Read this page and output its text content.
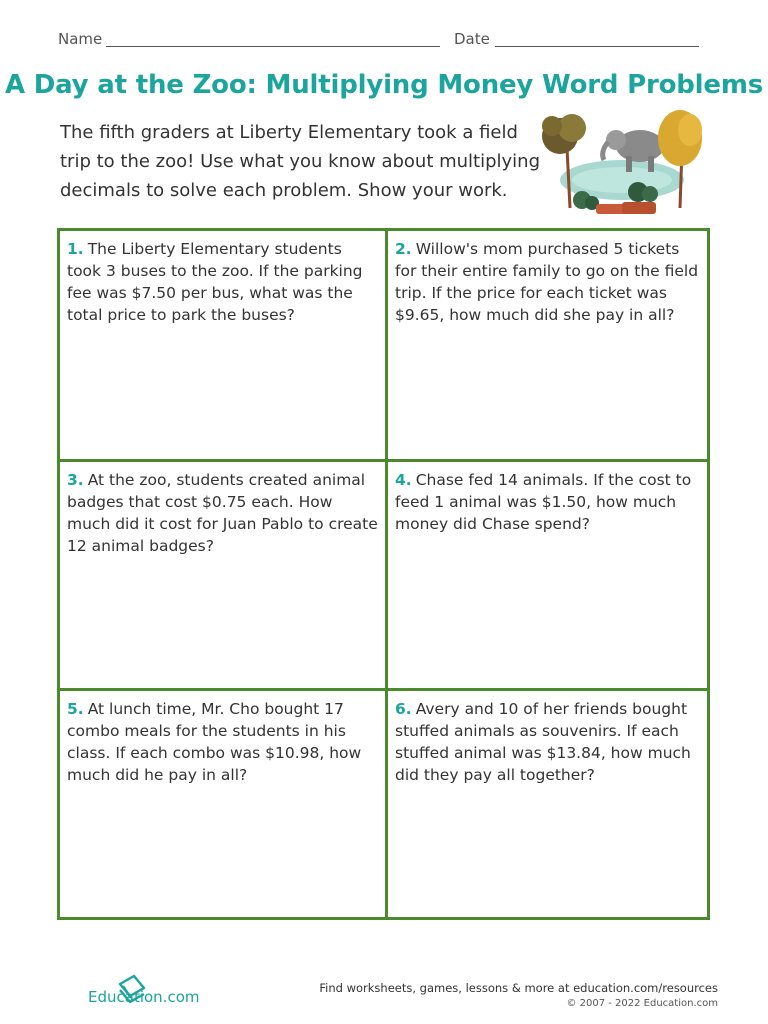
Name	Date
A Day at the Zoo: Multiplying Money Word Problems
The fifth graders at Liberty Elementary took a field trip to the zoo! Use what you know about multiplying decimals to solve each problem. Show your work.
1. The Liberty Elementary students took 3 buses to the zoo. If the parking fee was $7.50 per bus, what was the total price to park the buses?
2. Willow's mom purchased 5 tickets for their entire family to go on the field trip. If the price for each ticket was $9.65, how much did she pay in all?
3. At the zoo, students created animal badges that cost $0.75 each. How much did it cost for Juan Pablo to create 12 animal badges?
4. Chase fed 14 animals. If the cost to feed 1 animal was $1.50, how much money did Chase spend?
5. At lunch time, Mr. Cho bought 17 combo meals for the students in his class. If each combo was $10.98, how much did he pay in all?
6. Avery and 10 of her friends bought stuffed animals as souvenirs. If each stuffed animal was $13.84, how much did they pay all together?
Education.com	Find worksheets, games, lessons & more at education.com/resources
© 2007 - 2022 Education.com
